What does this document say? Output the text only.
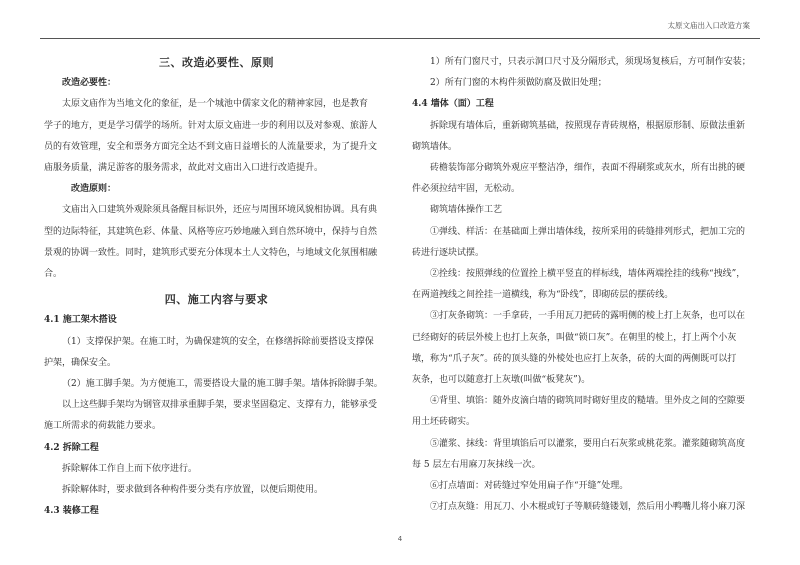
太原文庙出入口改造方案

三、改造必要性、原则

改造必要性：

太原文庙作为当地文化的象征，是一个城池中儒家文化的精神家园，也是教育

学子的地方，更是学习儒学的场所。针对太原文庙进一步的利用以及对参观、旅游人

员的有效管理，安全和票务方面完全达不到文庙日益增长的人流量要求，为了提升文

庙服务质量，满足游客的服务需求，故此对文庙出入口进行改造提升。

改造原则：

文庙出入口建筑外观除须具备醒目标识外，还应与周围环境风貌相协调。具有典

型的边际特征，其建筑色彩、体量、风格等应巧妙地融入到自然环境中，保持与自然

景观的协调一致性。同时，建筑形式要充分体现本土人文特色，与地域文化氛围相融

合。

四、施工内容与要求

4.1 施工架木搭设

（1）支撑保护架。在施工时，为确保建筑的安全，在修缮拆除前要搭设支撑保

护架，确保安全。

（2）施工脚手架。为方便施工，需要搭设大量的施工脚手架。墙体拆除脚手架。

以上这些脚手架均为钢管双排承重脚手架，要求坚固稳定、支撑有力，能够承受

施工所需求的荷载能力要求。

4.2 拆除工程

拆除解体工作自上而下依序进行。

拆除解体时，要求做到各种构件要分类有序放置，以便后期使用。

4.3 装修工程

1）所有门窗尺寸，只表示洞口尺寸及分隔形式，须现场复核后，方可制作安装；

2）所有门窗的木构件须做防腐及做旧处理；

4.4 墙体（面）工程

拆除现有墙体后，重新砌筑基础，按照现存青砖规格，根据原形制、原做法重新

砌筑墙体。

砖檐装饰部分砌筑外观应平整洁净，细作，表面不得刷浆或灰水，所有出挑的硬

件必须拉结牢固，无松动。

砌筑墙体操作工艺

①弹线、样活：在基础面上弹出墙体线，按所采用的砖缝排列形式，把加工完的

砖进行逐块试摆。

②拴线：按照弹线的位置拴上横平竖直的样标线，墙体两端拴挂的线称“拽线”，

在两道拽线之间拴挂一道横线，称为“卧线”，即砌砖层的摆砖线。

③打灰条砌筑：一手拿砖，一手用瓦刀把砖的露明侧的棱上打上灰条，也可以在

已经砌好的砖层外棱上也打上灰条，叫做“锁口灰”。在朝里的棱上，打上两个小灰

墩，称为“爪子灰”。砖的顶头缝的外棱处也应打上灰条，砖的大面的两侧既可以打

灰条，也可以随意打上灰墩(叫做“板凳灰”)。

④背里、填馅：随外皮滴白墙的砌筑同时砌好里皮的糙墙。里外皮之间的空隙要

用土坯砖砌实。

⑤灌浆、抹线：背里填馅后可以灌浆，要用白石灰浆或桃花浆。灌浆随砌筑高度

每 5 层左右用麻刀灰抹线一次。

⑥打点墙面：对砖缝过窄处用扁子作“开缝”处理。

⑦打点灰缝：用瓦刀、小木棍或钉子等顺砖缝镂划，然后用小鸭嘴儿将小麻刀深

4
